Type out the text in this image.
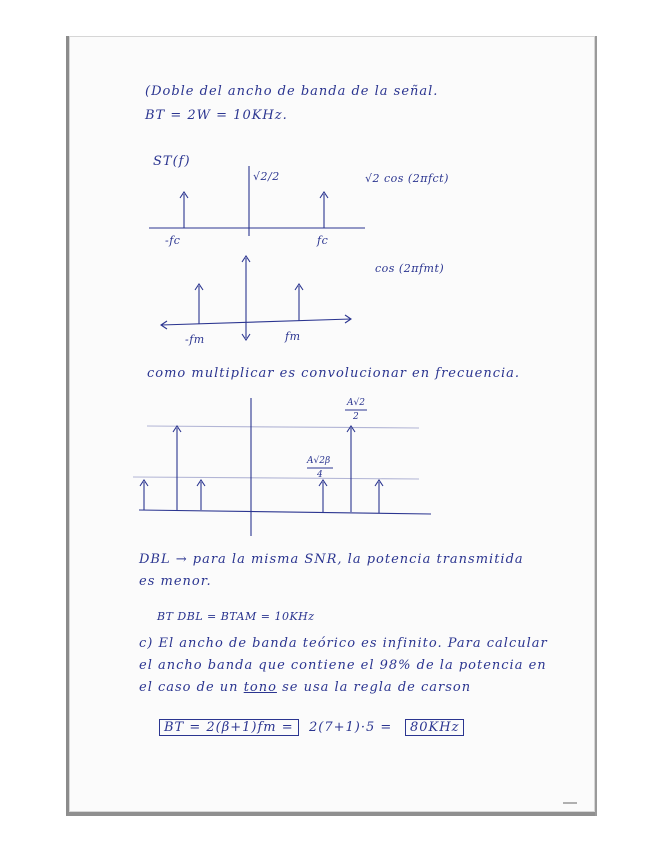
(Doble del ancho de banda de la señal.

BT = 2W = 10KHz.

ST(f)

√2/2

-fc	fc

√2 cos (2πfct)

-fm	fm

cos (2πfmt)

como multiplicar es convolucionar en frecuencia.

A√2

2

A√2β

4

DBL → para la misma SNR, la potencia transmitida

es menor.

BT DBL = BTAM = 10KHz

c) El ancho de banda teórico es infinito. Para calcular

el ancho banda que contiene el 98% de la potencia en

el caso de un tono se usa la regla de carson

BT = 2(β+1)fm =	2(7+1)·5 =	80KHz
